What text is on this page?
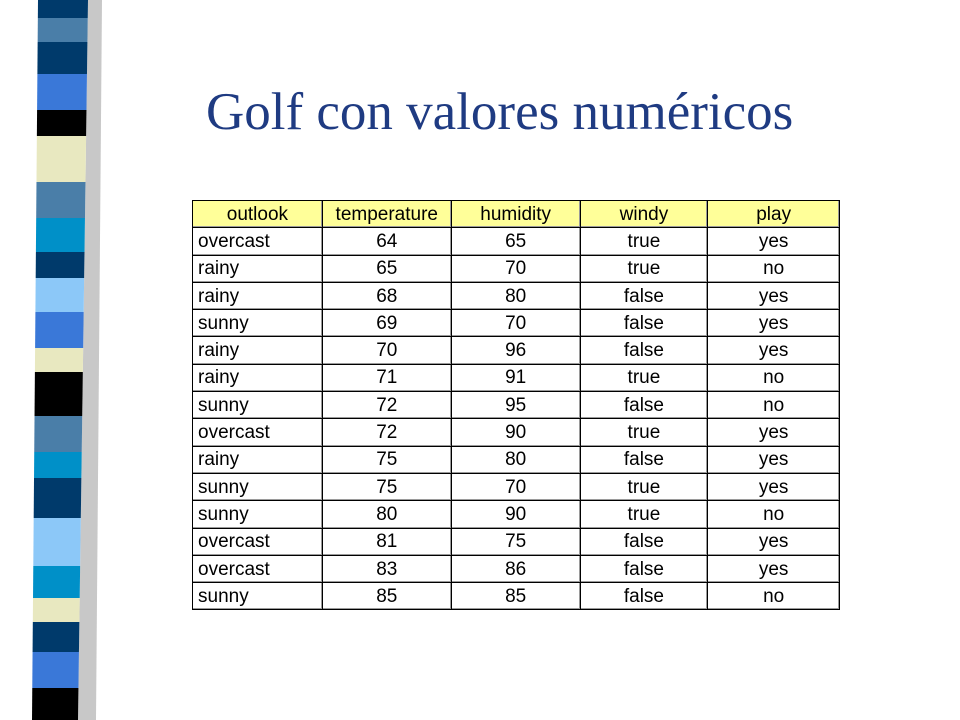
Golf con valores numéricos
outlook	temperature	humidity	windy	play
overcast	64	65	true	yes
rainy	65	70	true	no
rainy	68	80	false	yes
sunny	69	70	false	yes
rainy	70	96	false	yes
rainy	71	91	true	no
sunny	72	95	false	no
overcast	72	90	true	yes
rainy	75	80	false	yes
sunny	75	70	true	yes
sunny	80	90	true	no
overcast	81	75	false	yes
overcast	83	86	false	yes
sunny	85	85	false	no
